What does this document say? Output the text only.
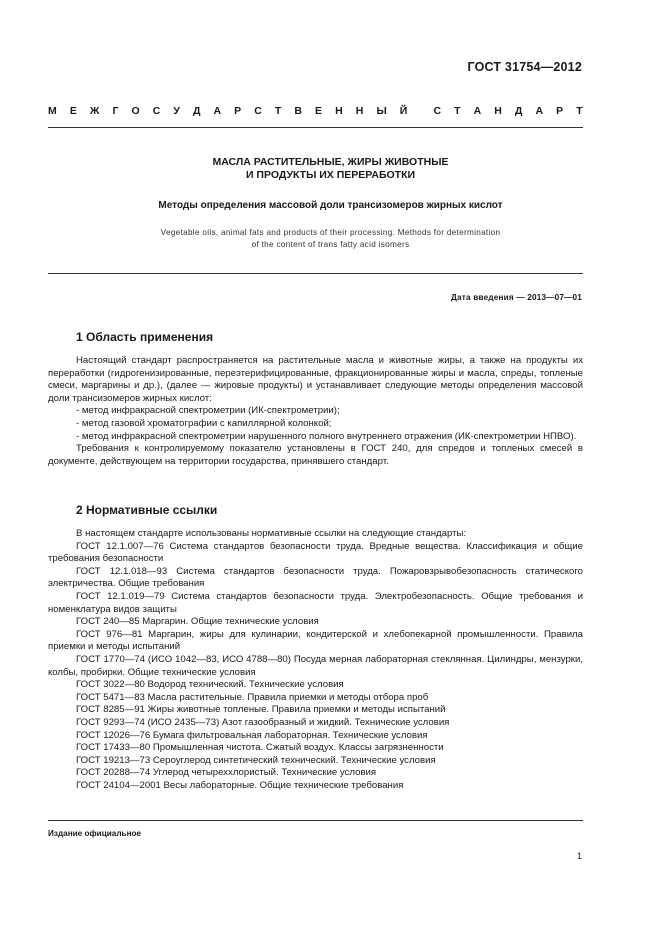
ГОСТ 31754—2012
М Е Ж Г О С У Д А Р С Т В Е Н Н Ы Й С Т А Н Д А Р Т
МАСЛА РАСТИТЕЛЬНЫЕ, ЖИРЫ ЖИВОТНЫЕ
И ПРОДУКТЫ ИХ ПЕРЕРАБОТКИ
Методы определения массовой доли трансизомеров жирных кислот
Vegetable oils, animal fats and products of their processing. Methods for determination
of the content of trans fatty acid isomers
Дата введения — 2013—07—01
1 Область применения

Настоящий стандарт распространяется на растительные масла и животные жиры, а также на продукты их переработки (гидрогенизированные, переэтерифицированные, фракционированные жиры и масла, спреды, топленые смеси, маргарины и др.), (далее — жировые продукты) и устанавливает следующие методы определения массовой доли трансизомеров жирных кислот:

- метод инфракрасной спектрометрии (ИК-спектрометрии);

- метод газовой хроматографии с капиллярной колонкой;

- метод инфракрасной спектрометрии нарушенного полного внутреннего отражения (ИК-спектрометрии НПВО).

Требования к контролируемому показателю установлены в ГОСТ 240, для спредов и топленых смесей в документе, действующем на территории государства, принявшего стандарт.

2 Нормативные ссылки

В настоящем стандарте использованы нормативные ссылки на следующие стандарты:

ГОСТ 12.1.007—76 Система стандартов безопасности труда. Вредные вещества. Классификация и общие требования безопасности

ГОСТ 12.1.018—93 Система стандартов безопасности труда. Пожаровзрывобезопасность статического электричества. Общие требования

ГОСТ 12.1.019—79 Система стандартов безопасности труда. Электробезопасность. Общие требования и номенклатура видов защиты

ГОСТ 240—85 Маргарин. Общие технические условия

ГОСТ 976—81 Маргарин, жиры для кулинарии, кондитерской и хлебопекарной промышленности. Правила приемки и методы испытаний

ГОСТ 1770—74 (ИСО 1042—83, ИСО 4788—80) Посуда мерная лабораторная стеклянная. Цилиндры, мензурки, колбы, пробирки. Общие технические условия

ГОСТ 3022—80 Водород технический. Технические условия

ГОСТ 5471—83 Масла растительные. Правила приемки и методы отбора проб

ГОСТ 8285—91 Жиры животные топленые. Правила приемки и методы испытаний

ГОСТ 9293—74 (ИСО 2435—73) Азот газообразный и жидкий. Технические условия

ГОСТ 12026—76 Бумага фильтровальная лабораторная. Технические условия

ГОСТ 17433—80 Промышленная чистота. Сжатый воздух. Классы загрязненности

ГОСТ 19213—73 Сероуглерод синтетический технический. Технические условия

ГОСТ 20288—74 Углерод четыреххлористый. Технические условия

ГОСТ 24104—2001 Весы лабораторные. Общие технические требования

Издание официальное
1
